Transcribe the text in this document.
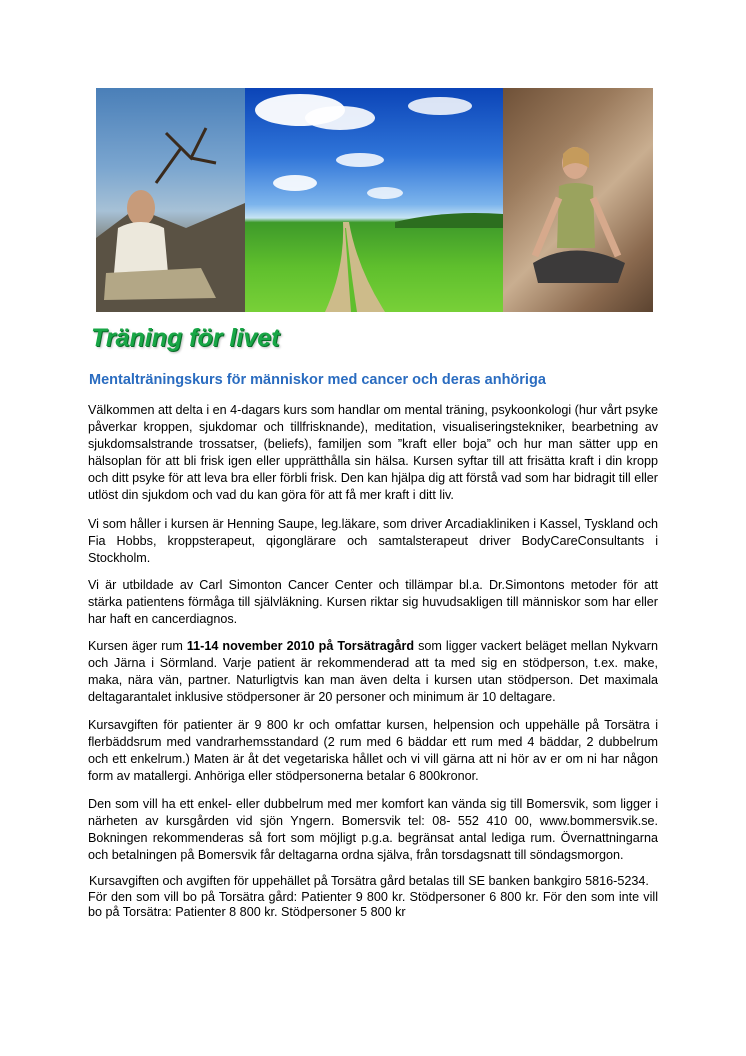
Träning för livet
Mentalträningskurs för människor med cancer och deras anhöriga

Välkommen att delta i en 4-dagars kurs som handlar om mental träning, psykoonkologi (hur vårt psyke påverkar kroppen, sjukdomar och tillfrisknande), meditation, visualiseringstekniker, bearbetning av sjukdomsalstrande trossatser, (beliefs), familjen som ”kraft eller boja” och hur man sätter upp en hälsoplan för att bli frisk igen eller upprätthålla sin hälsa. Kursen syftar till att frisätta kraft i din kropp och ditt psyke för att leva bra eller förbli frisk. Den kan hjälpa dig att förstå vad som har bidragit till eller utlöst din sjukdom och vad du kan göra för att få mer kraft i ditt liv.

Vi som håller i kursen är Henning Saupe, leg.läkare, som driver Arcadiakliniken i Kassel, Tyskland och Fia Hobbs, kroppsterapeut, qigonglärare och samtalsterapeut driver BodyCareConsultants i Stockholm.

Vi är utbildade av Carl Simonton Cancer Center och tillämpar bl.a. Dr.Simontons metoder för att stärka patientens förmåga till självläkning. Kursen riktar sig huvudsakligen till människor som har eller har haft en cancerdiagnos.

Kursen äger rum 11-14 november 2010 på Torsätragård som ligger vackert beläget mellan Nykvarn och Järna i Sörmland. Varje patient är rekommenderad att ta med sig en stödperson, t.ex. make, maka, nära vän, partner. Naturligtvis kan man även delta i kursen utan stödperson. Det maximala deltagarantalet inklusive stödpersoner är 20 personer och minimum är 10 deltagare.

Kursavgiften för patienter är 9 800 kr och omfattar kursen, helpension och uppehälle på Torsätra i flerbäddsrum med vandrarhemsstandard (2 rum med 6 bäddar ett rum med 4 bäddar, 2 dubbelrum och ett enkelrum.) Maten är åt det vegetariska hållet och vi vill gärna att ni hör av er om ni har någon form av matallergi. Anhöriga eller stödpersonerna betalar 6 800kronor.

Den som vill ha ett enkel- eller dubbelrum med mer komfort kan vända sig till Bomersvik, som ligger i närheten av kursgården vid sjön Yngern. Bomersvik tel: 08- 552 410 00, www.bommersvik.se. Bokningen rekommenderas så fort som möjligt p.g.a. begränsat antal lediga rum. Övernattningarna och betalningen på Bomersvik får deltagarna ordna själva, från torsdagsnatt till söndagsmorgon.

Kursavgiften och avgiften för uppehället på Torsätra gård betalas till SE banken bankgiro 5816-5234.
För den som vill bo på Torsätra gård: Patienter 9 800 kr. Stödpersoner 6 800 kr. För den som inte vill bo på Torsätra: Patienter 8 800 kr. Stödpersoner 5 800 kr
